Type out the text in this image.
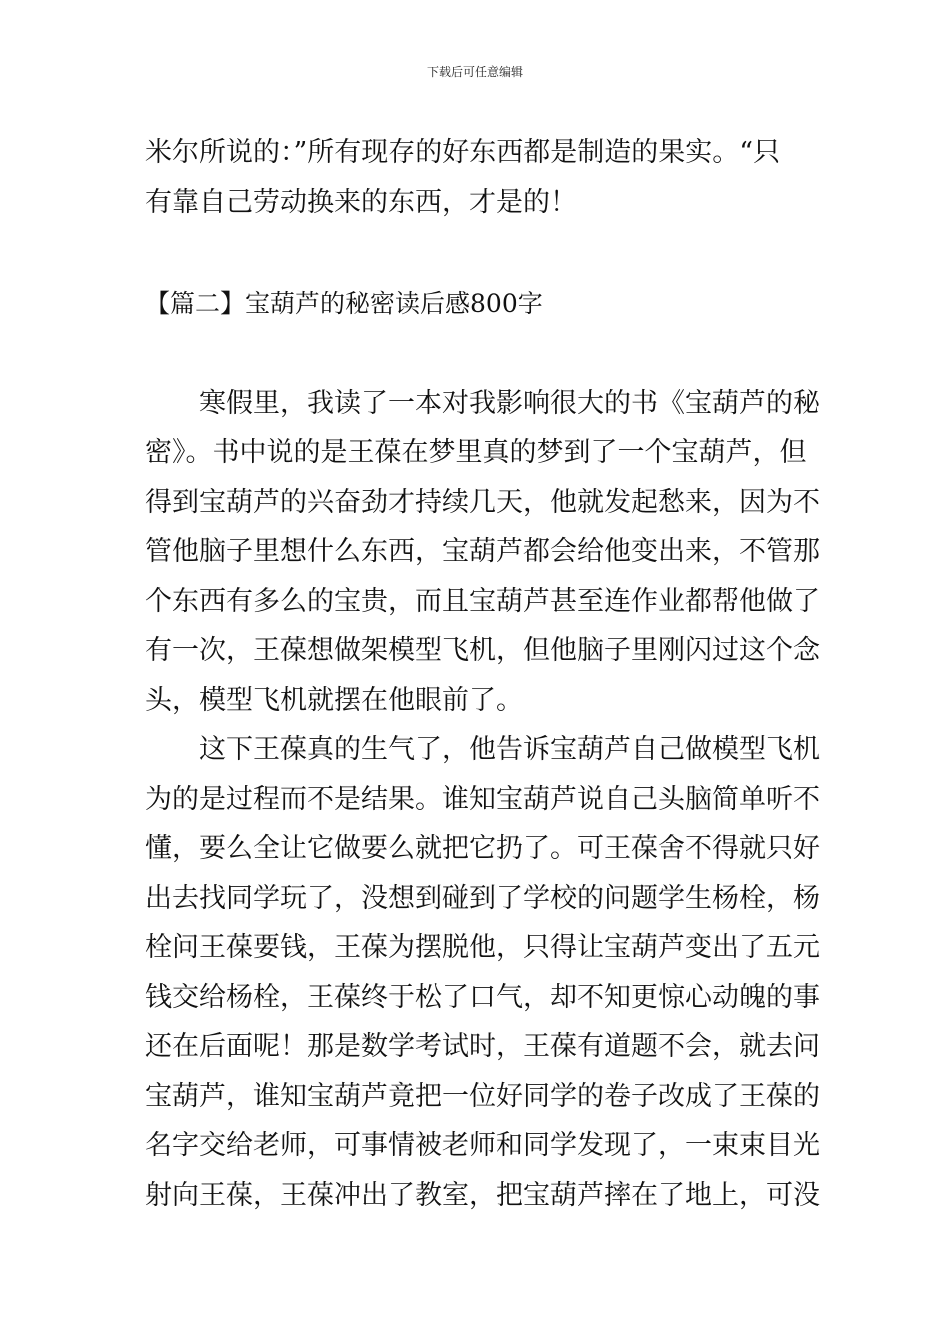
下载后可任意编辑
米尔所说的：”所有现存的好东西都是制造的果实。“只
有靠自己劳动换来的东西，才是的！
【篇二】宝葫芦的秘密读后感800字
寒假里，我读了一本对我影响很大的书《宝葫芦的秘
密》。书中说的是王葆在梦里真的梦到了一个宝葫芦，但
得到宝葫芦的兴奋劲才持续几天，他就发起愁来，因为不
管他脑子里想什么东西，宝葫芦都会给他变出来，不管那
个东西有多么的宝贵，而且宝葫芦甚至连作业都帮他做了
有一次，王葆想做架模型飞机，但他脑子里刚闪过这个念
头，模型飞机就摆在他眼前了。
这下王葆真的生气了，他告诉宝葫芦自己做模型飞机
为的是过程而不是结果。谁知宝葫芦说自己头脑简单听不
懂，要么全让它做要么就把它扔了。可王葆舍不得就只好
出去找同学玩了，没想到碰到了学校的问题学生杨栓，杨
栓问王葆要钱，王葆为摆脱他，只得让宝葫芦变出了五元
钱交给杨栓，王葆终于松了口气，却不知更惊心动魄的事
还在后面呢！那是数学考试时，王葆有道题不会，就去问
宝葫芦，谁知宝葫芦竟把一位好同学的卷子改成了王葆的
名字交给老师，可事情被老师和同学发现了，一束束目光
射向王葆，王葆冲出了教室，把宝葫芦摔在了地上，可没
